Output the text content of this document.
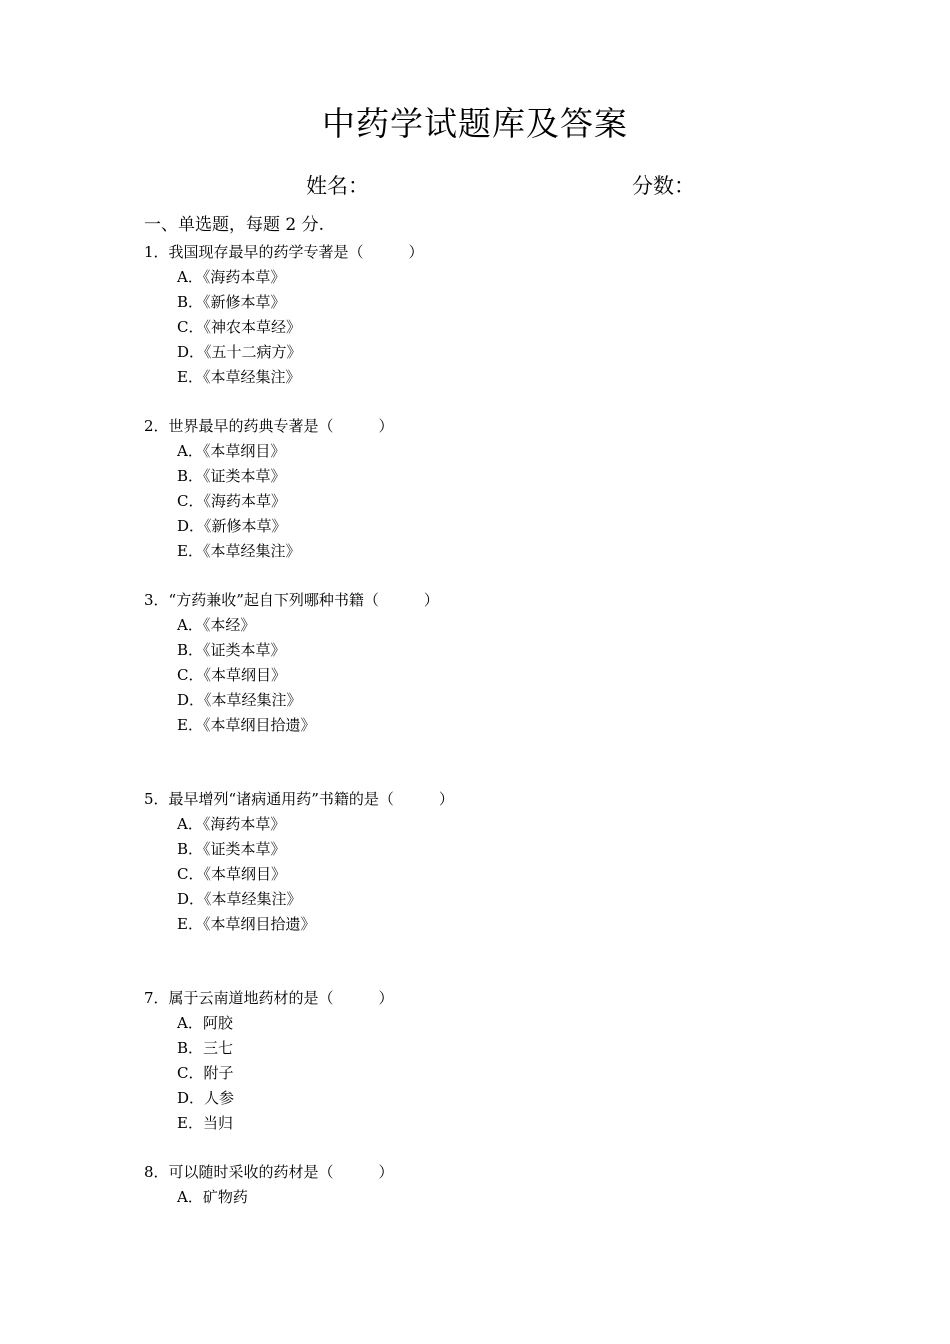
中药学试题库及答案
姓名：	分数：
一、单选题，每题 2 分.
1．我国现存最早的药学专著是（　　　）
A．《海药本草》
B．《新修本草》
C．《神农本草经》
D．《五十二病方》
E．《本草经集注》
2．世界最早的药典专著是（　　　）
A．《本草纲目》
B．《证类本草》
C．《海药本草》
D．《新修本草》
E．《本草经集注》
3．“方药兼收”起自下列哪种书籍（　　　）
A．《本经》
B．《证类本草》
C．《本草纲目》
D．《本草经集注》
E．《本草纲目拾遗》
5．最早增列“诸病通用药”书籍的是（　　　）
A．《海药本草》
B．《证类本草》
C．《本草纲目》
D．《本草经集注》
E．《本草纲目拾遗》
7．属于云南道地药材的是（　　　）
A．阿胶
B．三七
C．附子
D．人参
E．当归
8．可以随时采收的药材是（　　　）
A．矿物药
